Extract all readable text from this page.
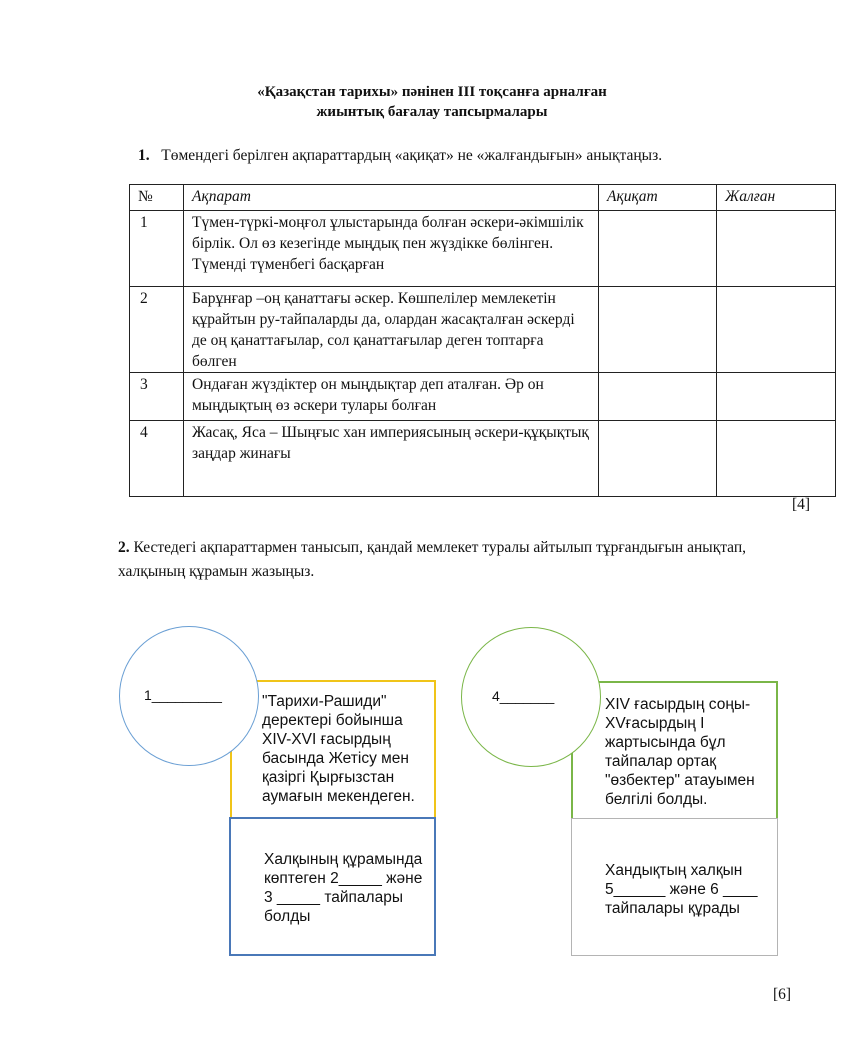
«Қазақстан тарихы» пәнінен III тоқсанға арналған
жиынтық бағалау тапсырмалары
1. Төмендегі берілген ақпараттардың «ақиқат» не «жалғандығын» анықтаңыз.
№	Ақпарат	Ақиқат	Жалған
1	Түмен-түркі-моңғол ұлыстарында болған әскери-әкімшілік бірлік. Ол өз кезегінде мыңдық пен жүздікке бөлінген. Түменді түменбегі басқарған		
2	Барұнғар –оң қанаттағы әскер. Көшпелілер мемлекетін құрайтын ру-тайпаларды да, олардан жасақталған әскерді де оң қанаттағылар, сол қанаттағылар деген топтарға бөлген		
3	Ондаған жүздіктер он мыңдықтар деп аталған. Әр он мыңдықтың өз әскери тулары болған		
4	Жасақ, Яса – Шыңғыс хан империясының әскери-құқықтық заңдар жинағы		
[4]
2. Кестедегі ақпараттармен танысып, қандай мемлекет туралы айтылып тұрғандығын анықтап, халқының құрамын жазыңыз.
"Тарихи-Рашиди" деректері бойынша XIV-XVI ғасырдың басында Жетісу мен қазіргі Қырғызстан аумағын мекендеген.
Халқының құрамында көптеген 2_____ және 3 _____ тайпалары болды
1_________
XIV ғасырдың соңы-XVғасырдың I жартысында бұл тайпалар ортақ "өзбектер" атауымен белгілі болды.
Хандықтың халқын 5______ және 6 ____ тайпалары құрады
4_______
[6]
